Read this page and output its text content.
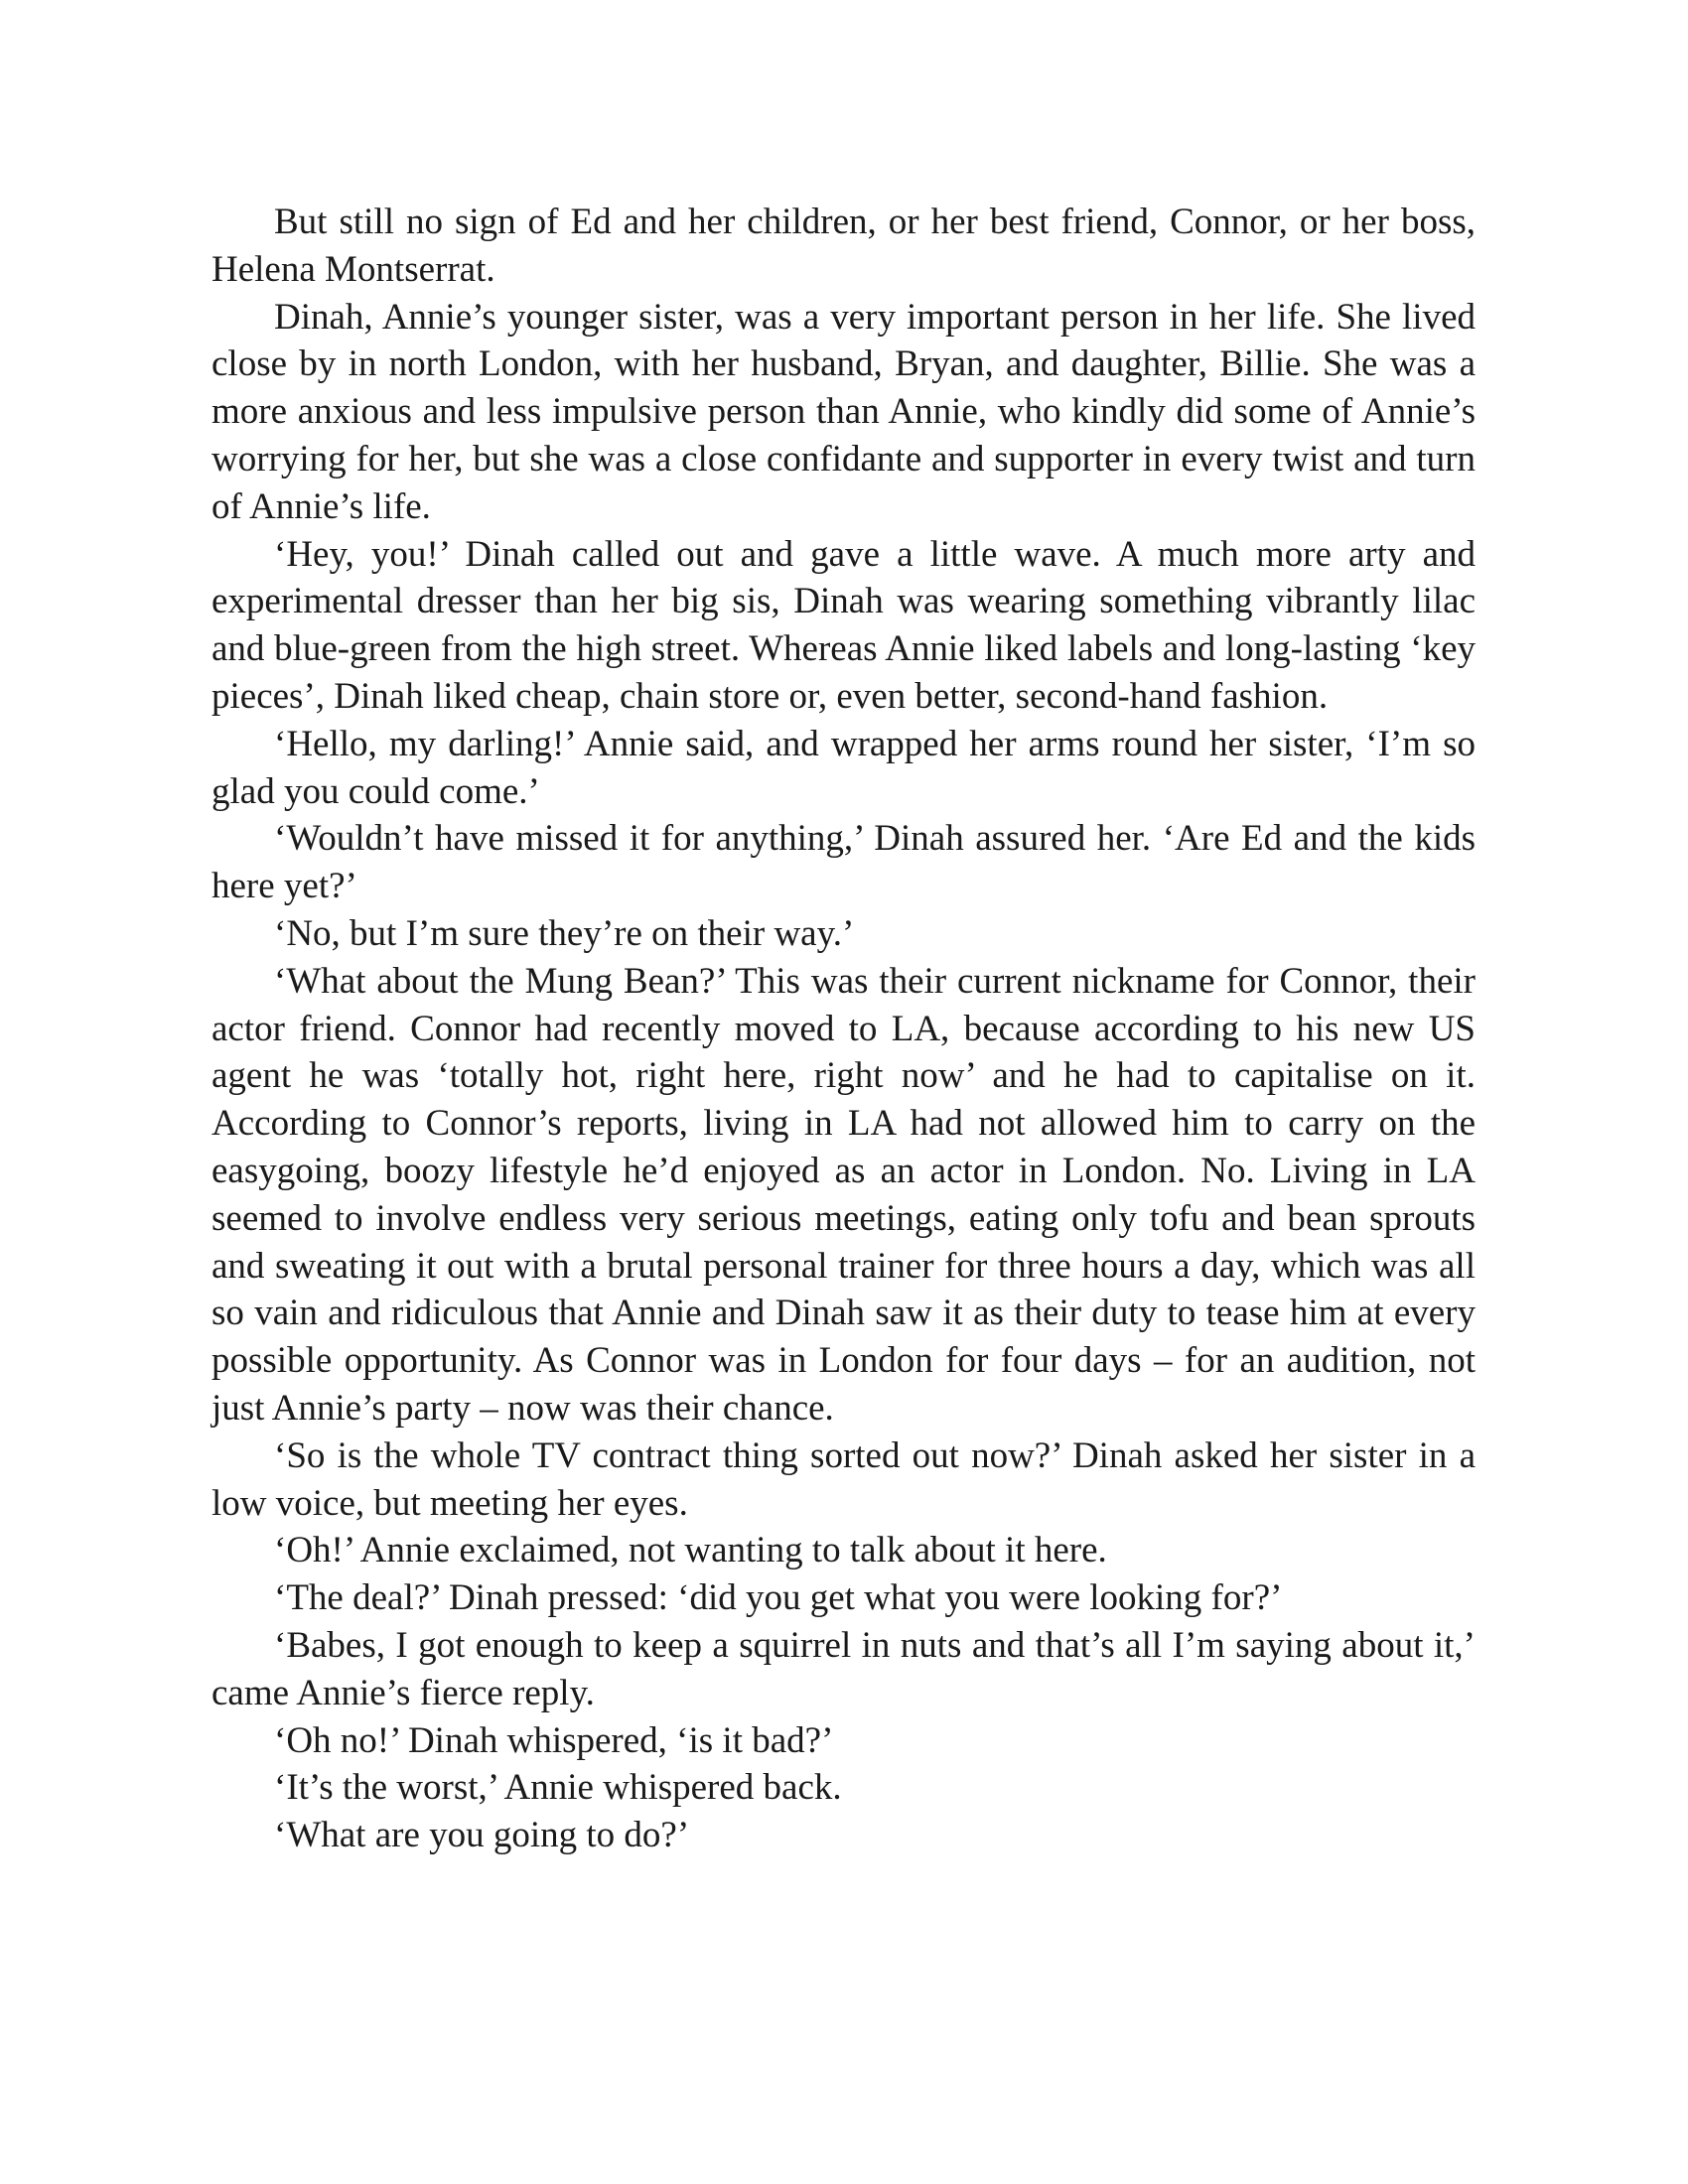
But still no sign of Ed and her children, or her best friend, Connor, or her boss, Helena Montserrat.

Dinah, Annie’s younger sister, was a very important person in her life. She lived close by in north London, with her husband, Bryan, and daughter, Billie. She was a more anxious and less impulsive person than Annie, who kindly did some of Annie’s worrying for her, but she was a close confidante and supporter in every twist and turn of Annie’s life.

‘Hey, you!’ Dinah called out and gave a little wave. A much more arty and experimental dresser than her big sis, Dinah was wearing something vibrantly lilac and blue-green from the high street. Whereas Annie liked labels and long-lasting ‘key pieces’, Dinah liked cheap, chain store or, even better, second-hand fashion.

‘Hello, my darling!’ Annie said, and wrapped her arms round her sister, ‘I’m so glad you could come.’

‘Wouldn’t have missed it for anything,’ Dinah assured her. ‘Are Ed and the kids here yet?’

‘No, but I’m sure they’re on their way.’

‘What about the Mung Bean?’ This was their current nickname for Connor, their actor friend. Connor had recently moved to LA, because according to his new US agent he was ‘totally hot, right here, right now’ and he had to capitalise on it. According to Connor’s reports, living in LA had not allowed him to carry on the easygoing, boozy lifestyle he’d enjoyed as an actor in London. No. Living in LA seemed to involve endless very serious meetings, eating only tofu and bean sprouts and sweating it out with a brutal personal trainer for three hours a day, which was all so vain and ridiculous that Annie and Dinah saw it as their duty to tease him at every possible opportunity. As Connor was in London for four days – for an audition, not just Annie’s party – now was their chance.

‘So is the whole TV contract thing sorted out now?’ Dinah asked her sister in a low voice, but meeting her eyes.

‘Oh!’ Annie exclaimed, not wanting to talk about it here.

‘The deal?’ Dinah pressed: ‘did you get what you were looking for?’

‘Babes, I got enough to keep a squirrel in nuts and that’s all I’m saying about it,’ came Annie’s fierce reply.

‘Oh no!’ Dinah whispered, ‘is it bad?’

‘It’s the worst,’ Annie whispered back.

‘What are you going to do?’
